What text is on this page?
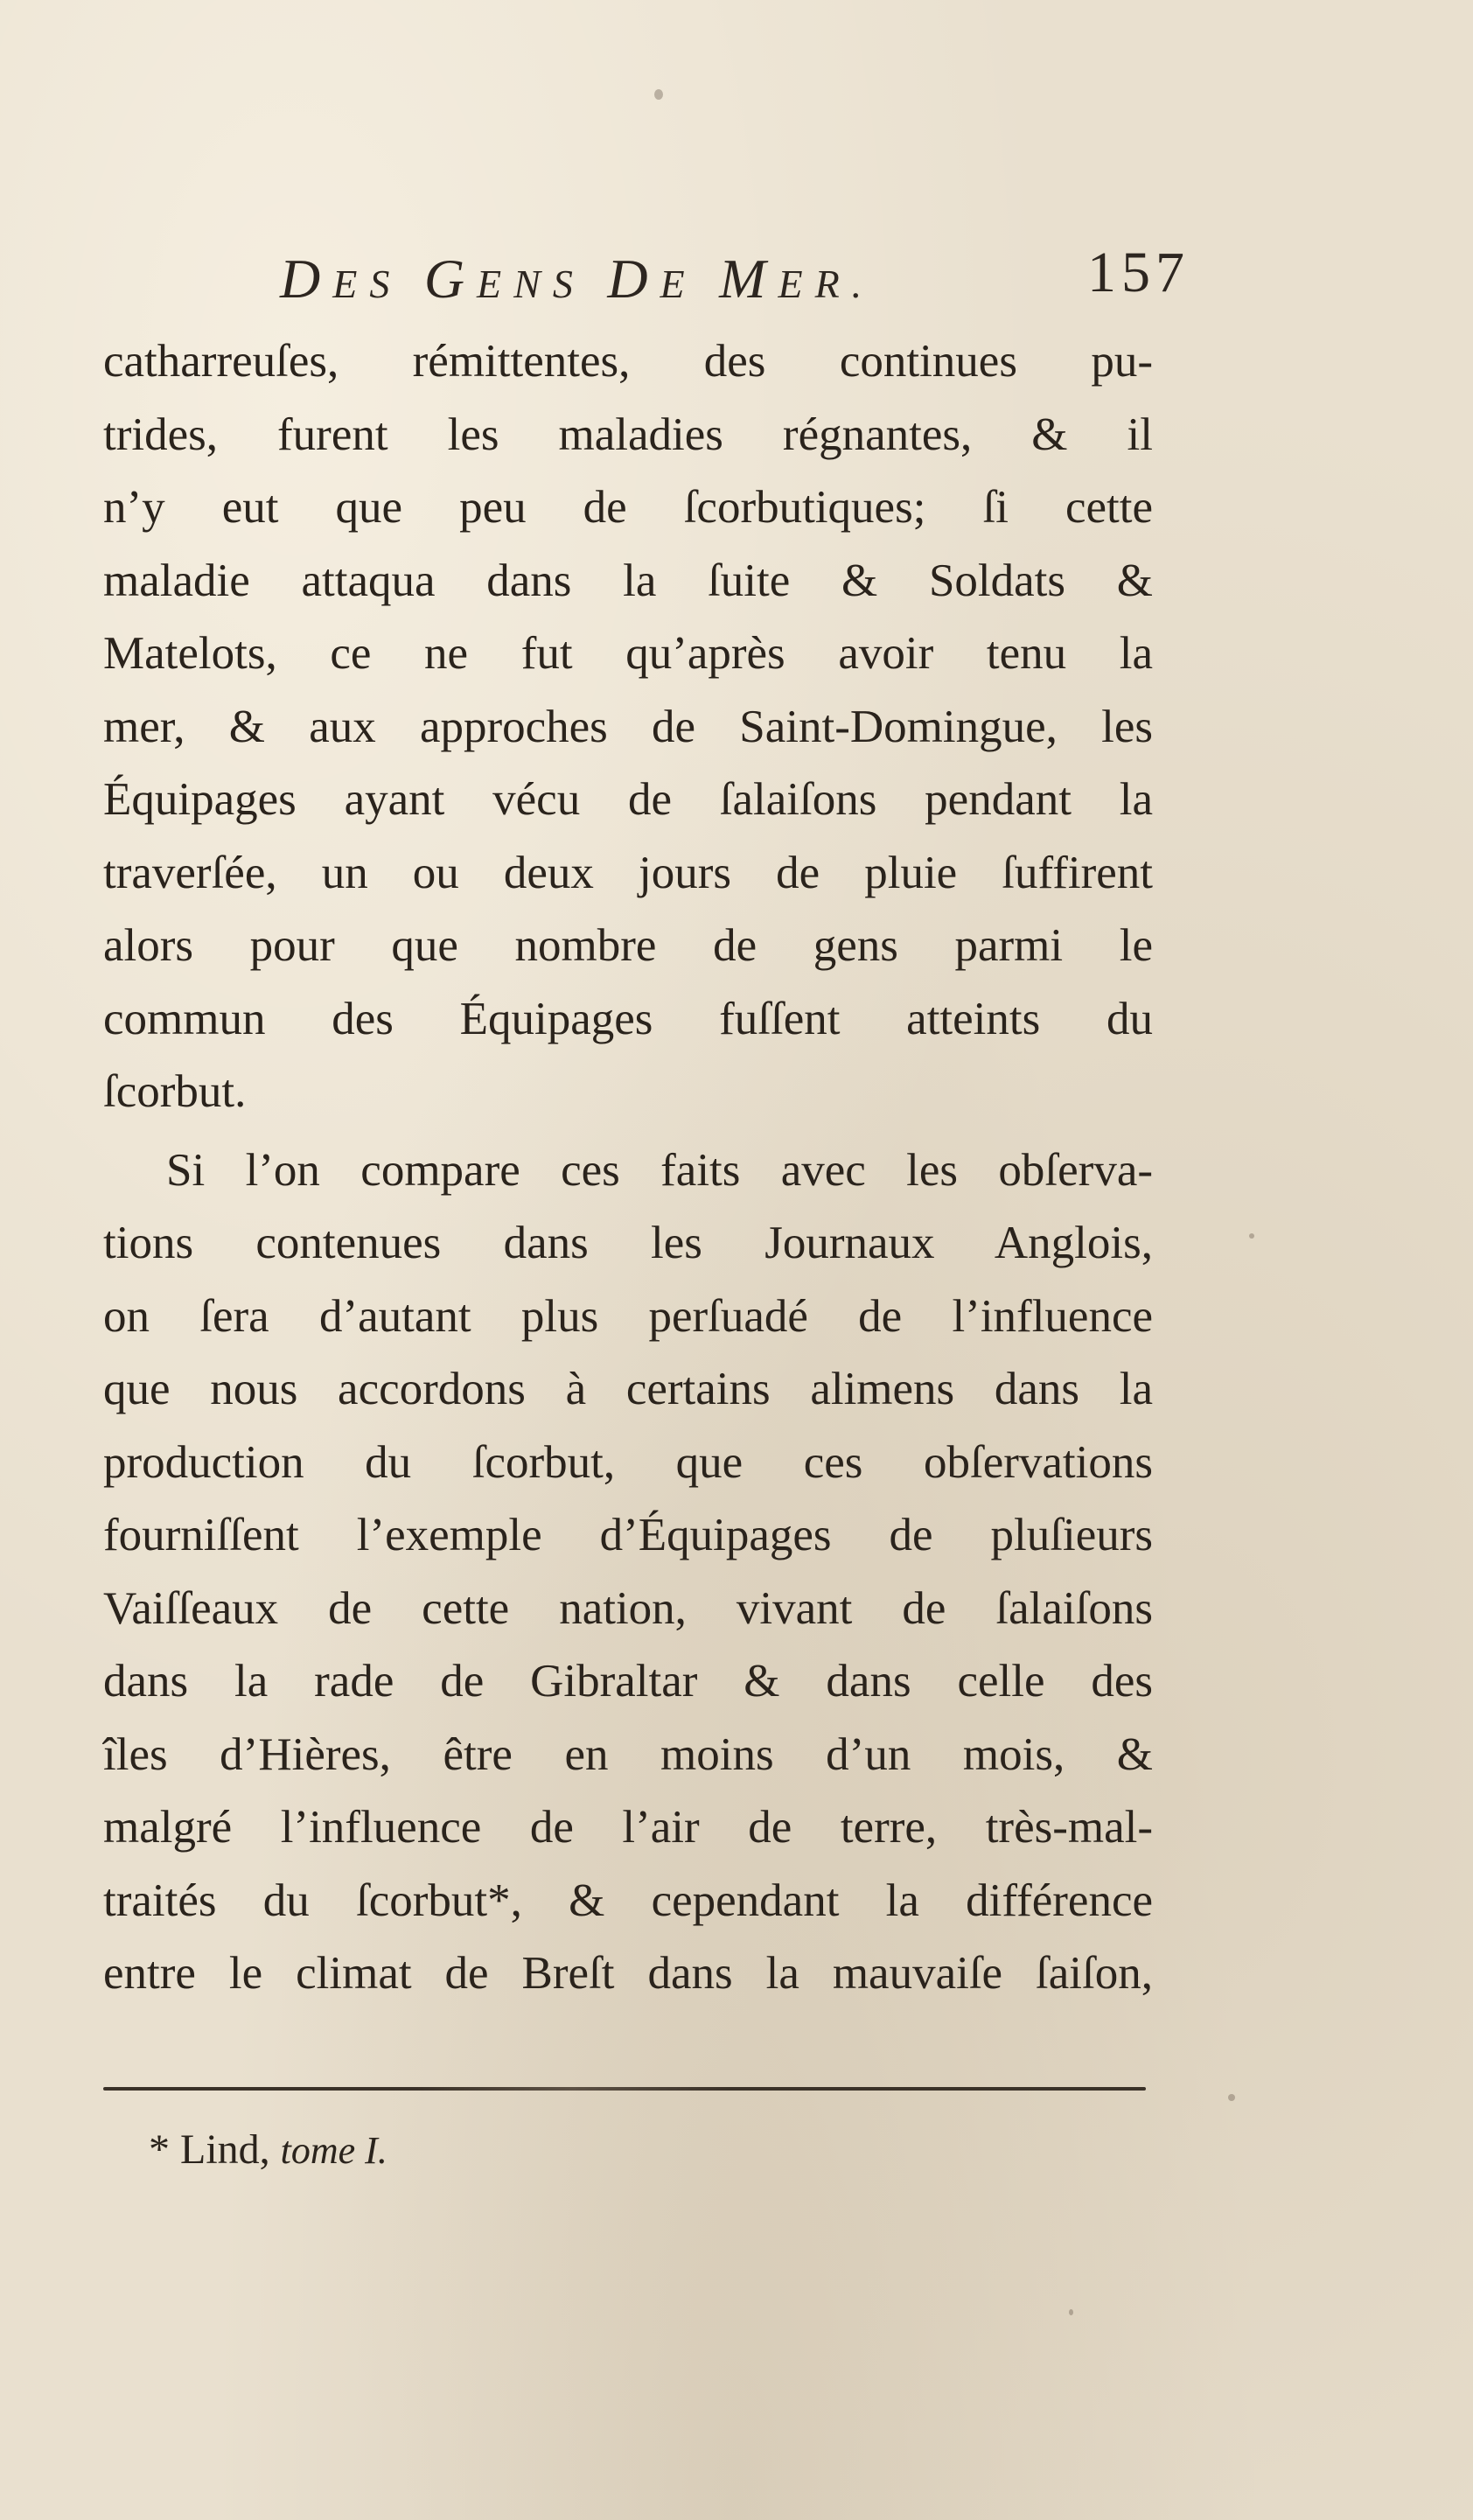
DES GENS DE MER.	157
catharreuſes, rémittentes, des continues pu-
trides, furent les maladies régnantes, & il
n’y eut que peu de ſcorbutiques; ſi cette
maladie attaqua dans la ſuite & Soldats &
Matelots, ce ne fut qu’après avoir tenu la
mer, & aux approches de Saint-Domingue, les
Équipages ayant vécu de ſalaiſons pendant la
traverſée, un ou deux jours de pluie ſuffirent
alors pour que nombre de gens parmi le
commun des Équipages fuſſent atteints du
ſcorbut.
Si l’on compare ces faits avec les obſerva-
tions contenues dans les Journaux Anglois,
on ſera d’autant plus perſuadé de l’influence
que nous accordons à certains alimens dans la
production du ſcorbut, que ces obſervations
fourniſſent l’exemple d’Équipages de pluſieurs
Vaiſſeaux de cette nation, vivant de ſalaiſons
dans la rade de Gibraltar & dans celle des
îles d’Hières, être en moins d’un mois, &
malgré l’influence de l’air de terre, très-mal-
traités du ſcorbut*, & cependant la différence
entre le climat de Breſt dans la mauvaiſe ſaiſon,
* Lind, tome I.
